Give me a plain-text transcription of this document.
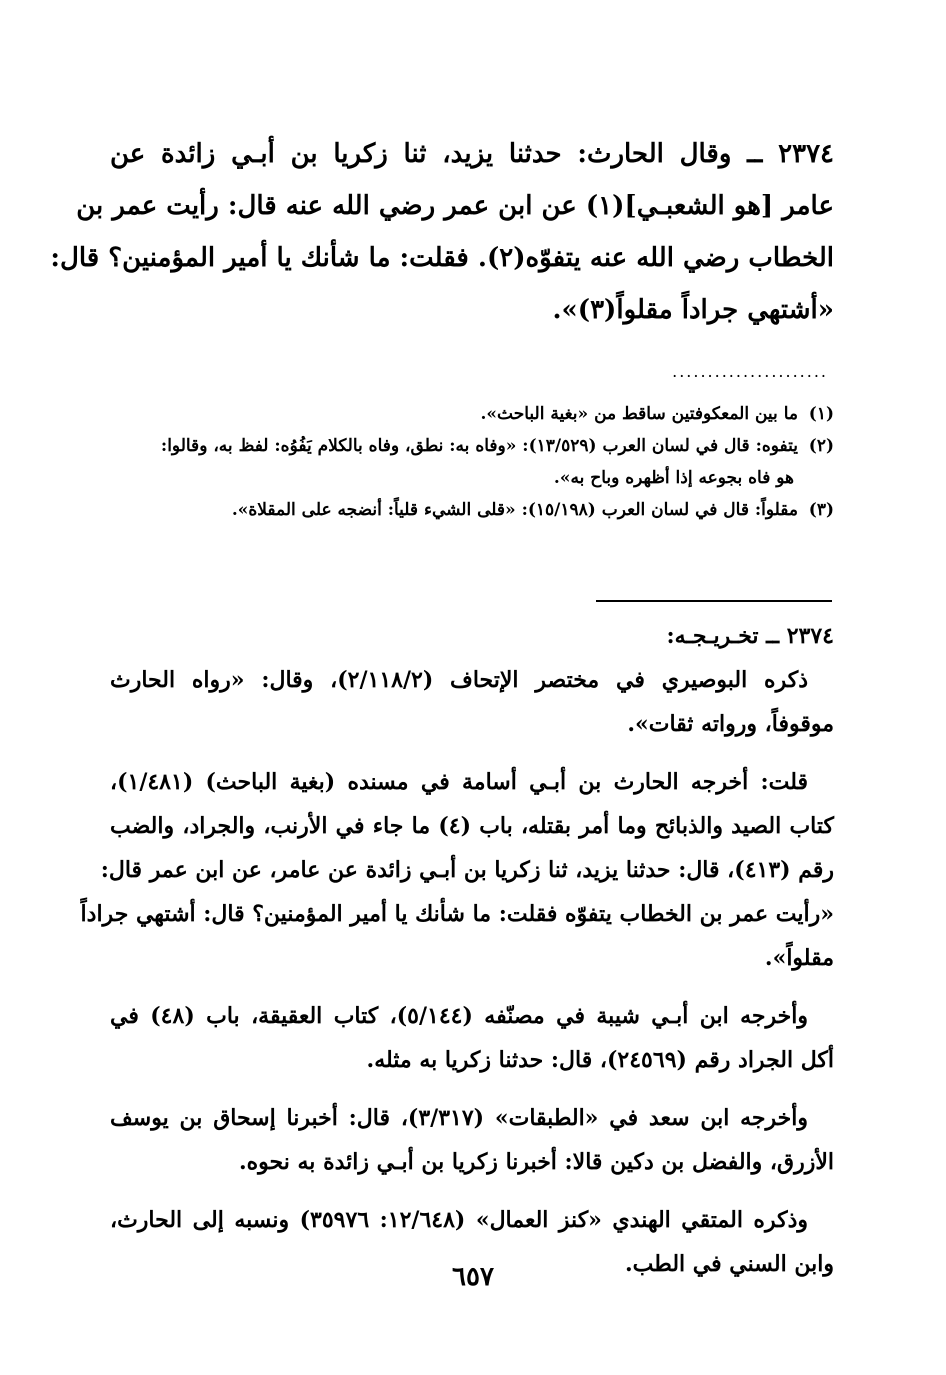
٢٣٧٤ ــ وقال الحارث: حدثنا يزيد، ثنا زكريا بن أبـي زائدة عن
عامر [هو الشعبـي](١) عن ابن عمر رضي الله عنه قال: رأيت عمر بن
الخطاب رضي الله عنه يتفوّه(٢). فقلت: ما شأنك يا أمير المؤمنين؟ قال:
«أشتهي جراداً مقلواً(٣)».
......................
(١)ما بين المعكوفتين ساقط من «بغية الباحث».
(٢)يتفوه: قال في لسان العرب (١٣/٥٢٩): «وفاه به: نطق، وفاه بالكلام يَفُوُه: لفظ به، وقالوا:
هو فاه بجوعه إذا أظهره وباح به».
(٣)مقلواً: قال في لسان العرب (١٥/١٩٨): «قلى الشيء قلياً: أنضجه على المقلاة».
٢٣٧٤ ــ تخـريـجـه:
ذكره البوصيري في مختصر الإتحاف (٢/١١٨/٢)، وقال: «رواه الحارث
موقوفاً، ورواته ثقات».
قلت: أخرجه الحارث بن أبـي أسامة في مسنده (بغية الباحث) (١/٤٨١)،
كتاب الصيد والذبائح وما أمر بقتله، باب (٤) ما جاء في الأرنب، والجراد، والضب
رقم (٤١٣)، قال: حدثنا يزيد، ثنا زكريا بن أبـي زائدة عن عامر، عن ابن عمر قال:
«رأيت عمر بن الخطاب يتفوّه فقلت: ما شأنك يا أمير المؤمنين؟ قال: أشتهي جراداً
مقلواً».
وأخرجه ابن أبـي شيبة في مصنّفه (٥/١٤٤)، كتاب العقيقة، باب (٤٨) في
أكل الجراد رقم (٢٤٥٦٩)، قال: حدثنا زكريا به مثله.
وأخرجه ابن سعد في «الطبقات» (٣/٣١٧)، قال: أخبرنا إسحاق بن يوسف
الأزرق، والفضل بن دكين قالا: أخبرنا زكريا بن أبـي زائدة به نحوه.
وذكره المتقي الهندي «كنز العمال» (١٢/٦٤٨: ٣٥٩٧٦) ونسبه إلى الحارث،
وابن السني في الطب.
٦٥٧
